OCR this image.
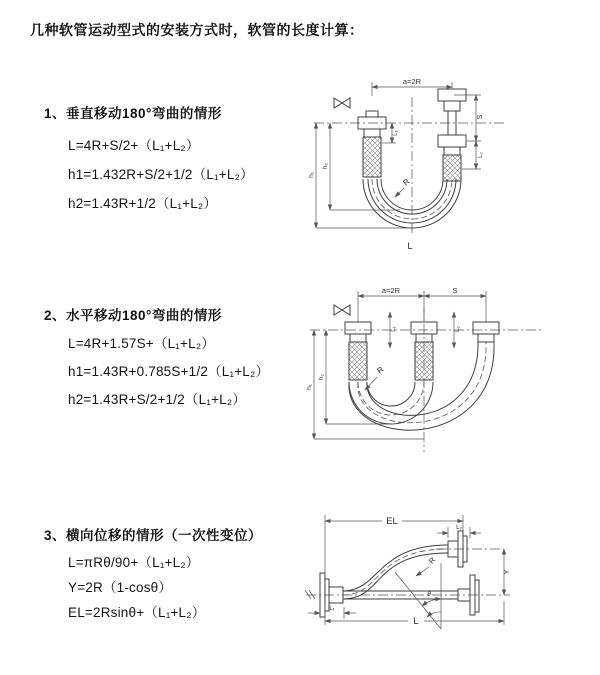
几种软管运动型式的安装方式时，软管的长度计算：
1、垂直移动180°弯曲的情形
L=4R+S/2+（L₁+L₂）
h1=1.432R+S/2+1/2（L₁+L₂）
h2=1.43R+1/2（L₁+L₂）
a=2R
L₁
S
L₂
h₂
h₁
R
L
2、水平移动180°弯曲的情形
L=4R+1.57S+（L₁+L₂）
h1=1.43R+0.785S+1/2（L₁+L₂）
h2=1.43R+S/2+1/2（L₁+L₂）
a=2R	S
L₁	L₂
h₂
h₁
R
3、横向位移的情形（一次性变位）
L=πRθ/90+（L₁+L₂）
Y=2R（1-cosθ）
EL=2Rsinθ+（L₁+L₂）
EL
L₂
Y
L₁
L
R
θ
